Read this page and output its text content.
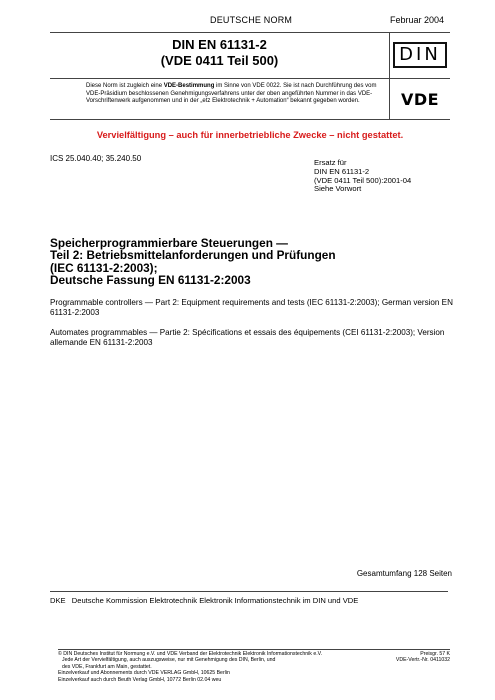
DEUTSCHE NORM	Februar 2004
DIN EN 61131-2
(VDE 0411 Teil 500)	DIN
Diese Norm ist zugleich eine VDE-Bestimmung im Sinne von VDE 0022. Sie ist nach Durchführung des vom VDE-Präsidium beschlossenen Genehmigungsverfahrens unter der oben angeführten Nummer in das VDE-Vorschriftenwerk aufgenommen und in der „etz Elektrotechnik + Automation“ bekannt gegeben worden.	VDE
Vervielfältigung – auch für innerbetriebliche Zwecke – nicht gestattet.
ICS 25.040.40; 35.240.50	Ersatz für

DIN EN 61131-2

(VDE 0411 Teil 500):2001-04

Siehe Vorwort

Speicherprogrammierbare Steuerungen —

Teil 2: Betriebsmittelanforderungen und Prüfungen

(IEC 61131-2:2003);

Deutsche Fassung EN 61131-2:2003

Programmable controllers — Part 2: Equipment requirements and tests (IEC 61131-2:2003); German version EN 61131-2:2003
Automates programmables — Partie 2: Spécifications et essais des équipements (CEI 61131-2:2003); Version allemande EN 61131-2:2003
Gesamtumfang 128 Seiten
DKE Deutsche Kommission Elektrotechnik Elektronik Informationstechnik im DIN und VDE

© DIN Deutsches Institut für Normung e.V. und VDE Verband der Elektrotechnik Elektronik Informationstechnik e.V.

Jede Art der Vervielfältigung, auch auszugsweise, nur mit Genehmigung des DIN, Berlin, und

des VDE, Frankfurt am Main, gestattet.

Einzelverkauf und Abonnements durch VDE VERLAG GmbH, 10625 Berlin

Einzelverkauf auch durch Beuth Verlag GmbH, 10772 Berlin 02.04 weu

Preisgr. 57 K

VDE-Vertr.-Nr. 0411032
